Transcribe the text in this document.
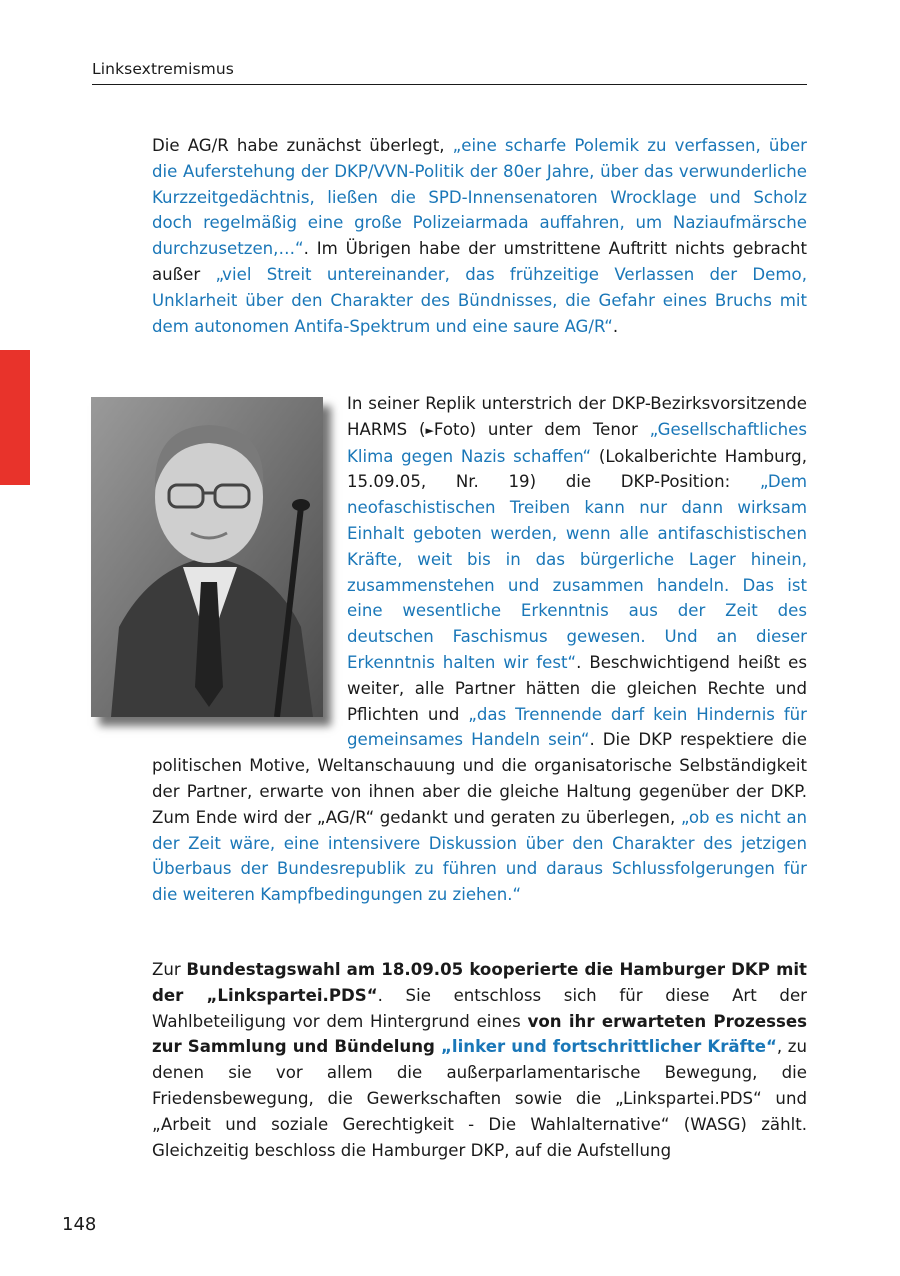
Linksextremismus
Die AG/R habe zunächst überlegt, „eine scharfe Polemik zu verfassen, über die Auferstehung der DKP/VVN-Politik der 80er Jahre, über das verwunderliche Kurzzeitgedächtnis, ließen die SPD-Innensenatoren Wrocklage und Scholz doch regelmäßig eine große Polizeiarmada auffahren, um Naziaufmärsche durchzusetzen,…“. Im Übrigen habe der umstrittene Auftritt nichts gebracht außer „viel Streit untereinander, das frühzeitige Verlassen der Demo, Unklarheit über den Charakter des Bündnisses, die Gefahr eines Bruchs mit dem autonomen Antifa-Spektrum und eine saure AG/R“.
In seiner Replik unterstrich der DKP-Bezirksvorsitzende HARMS (►Foto) unter dem Tenor „Gesellschaftliches Klima gegen Nazis schaffen“ (Lokalberichte Hamburg, 15.09.05, Nr. 19) die DKP-Position: „Dem neofaschistischen Treiben kann nur dann wirksam Einhalt geboten werden, wenn alle antifaschistischen Kräfte, weit bis in das bürgerliche Lager hinein, zusammenstehen und zusammen handeln. Das ist eine wesentliche Erkenntnis aus der Zeit des deutschen Faschismus gewesen. Und an dieser Erkenntnis halten wir fest“. Beschwichtigend heißt es weiter, alle Partner hätten die gleichen Rechte und Pflichten und „das Trennende darf kein Hindernis für gemeinsames Handeln sein“. Die DKP respektiere die politischen Motive, Weltanschauung und die organisatorische Selbständigkeit der Partner, erwarte von ihnen aber die gleiche Haltung gegenüber der DKP. Zum Ende wird der „AG/R“ gedankt und geraten zu überlegen, „ob es nicht an der Zeit wäre, eine intensivere Diskussion über den Charakter des jetzigen Überbaus der Bundesrepublik zu führen und daraus Schlussfolgerungen für die weiteren Kampfbedingungen zu ziehen.“
Zur Bundestagswahl am 18.09.05 kooperierte die Hamburger DKP mit der „Linkspartei.PDS“. Sie entschloss sich für diese Art der Wahlbeteiligung vor dem Hintergrund eines von ihr erwarteten Prozesses zur Sammlung und Bündelung „linker und fortschrittlicher Kräfte“, zu denen sie vor allem die außerparlamentarische Bewegung, die Friedensbewegung, die Gewerkschaften sowie die „Linkspartei.PDS“ und „Arbeit und soziale Gerechtigkeit - Die Wahlalternative“ (WASG) zählt. Gleichzeitig beschloss die Hamburger DKP, auf die Aufstellung
148
